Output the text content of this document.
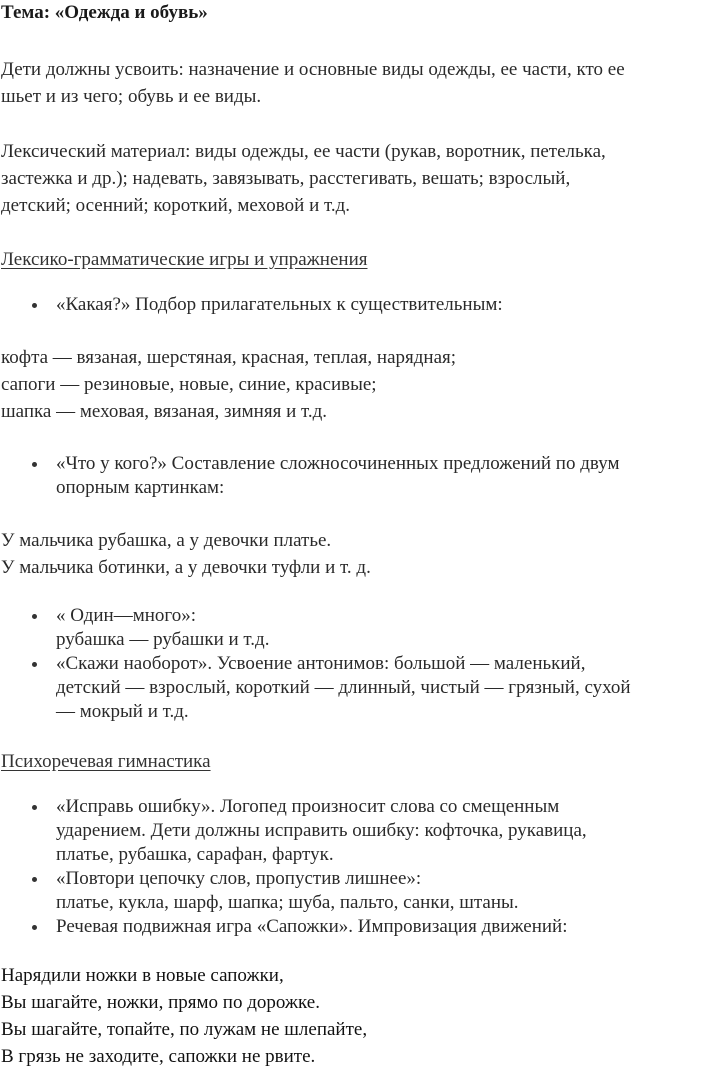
Тема: «Одежда и обувь»
Дети должны усвоить: назначение и основные виды одежды, ее части, кто ее
шьет и из чего; обувь и ее виды.
Лексический материал: виды одежды, ее части (рукав, воротник, петелька,
застежка и др.); надевать, завязывать, расстегивать, вешать; взрослый,
детский; осенний; короткий, меховой и т.д.
Лексико-грамматические игры и упражнения
«Какая?» Подбор прилагательных к существительным:
кофта — вязаная, шерстяная, красная, теплая, нарядная;
сапоги — резиновые, новые, синие, красивые;
шапка — меховая, вязаная, зимняя и т.д.
«Что у кого?» Составление сложносочиненных предложений по двум
опорным картинкам:
У мальчика рубашка, а у девочки платье.
У мальчика ботинки, а у девочки туфли и т. д.
« Один—много»:
рубашка — рубашки и т.д.
«Скажи наоборот». Усвоение антонимов: большой — маленький,
детский — взрослый, короткий — длинный, чистый — грязный, сухой
— мокрый и т.д.
Психоречевая гимнастика
«Исправь ошибку». Логопед произносит слова со смещенным
ударением. Дети должны исправить ошибку: кофточка, рукавица,
платье, рубашка, сарафан, фартук.
«Повтори цепочку слов, пропустив лишнее»:
платье, кукла, шарф, шапка; шуба, пальто, санки, штаны.
Речевая подвижная игра «Сапожки». Импровизация движений:
Нарядили ножки в новые сапожки,
Вы шагайте, ножки, прямо по дорожке.
Вы шагайте, топайте, по лужам не шлепайте,
В грязь не заходите, сапожки не рвите.
